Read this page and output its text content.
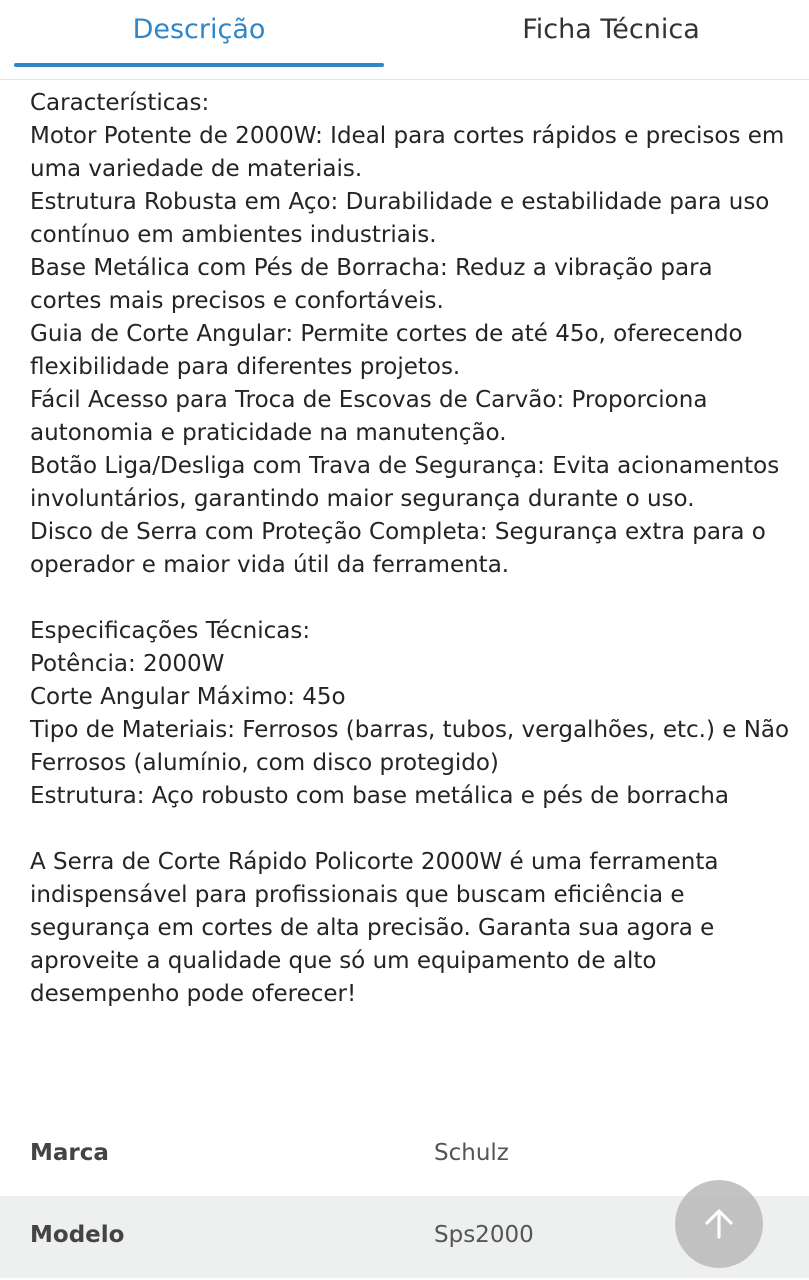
Descrição	Ficha Técnica

Características:

Motor Potente de 2000W: Ideal para cortes rápidos e precisos em uma variedade de materiais.

Estrutura Robusta em Aço: Durabilidade e estabilidade para uso contínuo em ambientes industriais.

Base Metálica com Pés de Borracha: Reduz a vibração para cortes mais precisos e confortáveis.

Guia de Corte Angular: Permite cortes de até 45o, oferecendo flexibilidade para diferentes projetos.

Fácil Acesso para Troca de Escovas de Carvão: Proporciona autonomia e praticidade na manutenção.

Botão Liga/Desliga com Trava de Segurança: Evita acionamentos involuntários, garantindo maior segurança durante o uso.

Disco de Serra com Proteção Completa: Segurança extra para o operador e maior vida útil da ferramenta.

Especificações Técnicas:

Potência: 2000W

Corte Angular Máximo: 45o

Tipo de Materiais: Ferrosos (barras, tubos, vergalhões, etc.) e Não Ferrosos (alumínio, com disco protegido)

Estrutura: Aço robusto com base metálica e pés de borracha

A Serra de Corte Rápido Policorte 2000W é uma ferramenta indispensável para profissionais que buscam eficiência e segurança em cortes de alta precisão. Garanta sua agora e aproveite a qualidade que só um equipamento de alto desempenho pode oferecer!

Marca	Schulz
Modelo	Sps2000
